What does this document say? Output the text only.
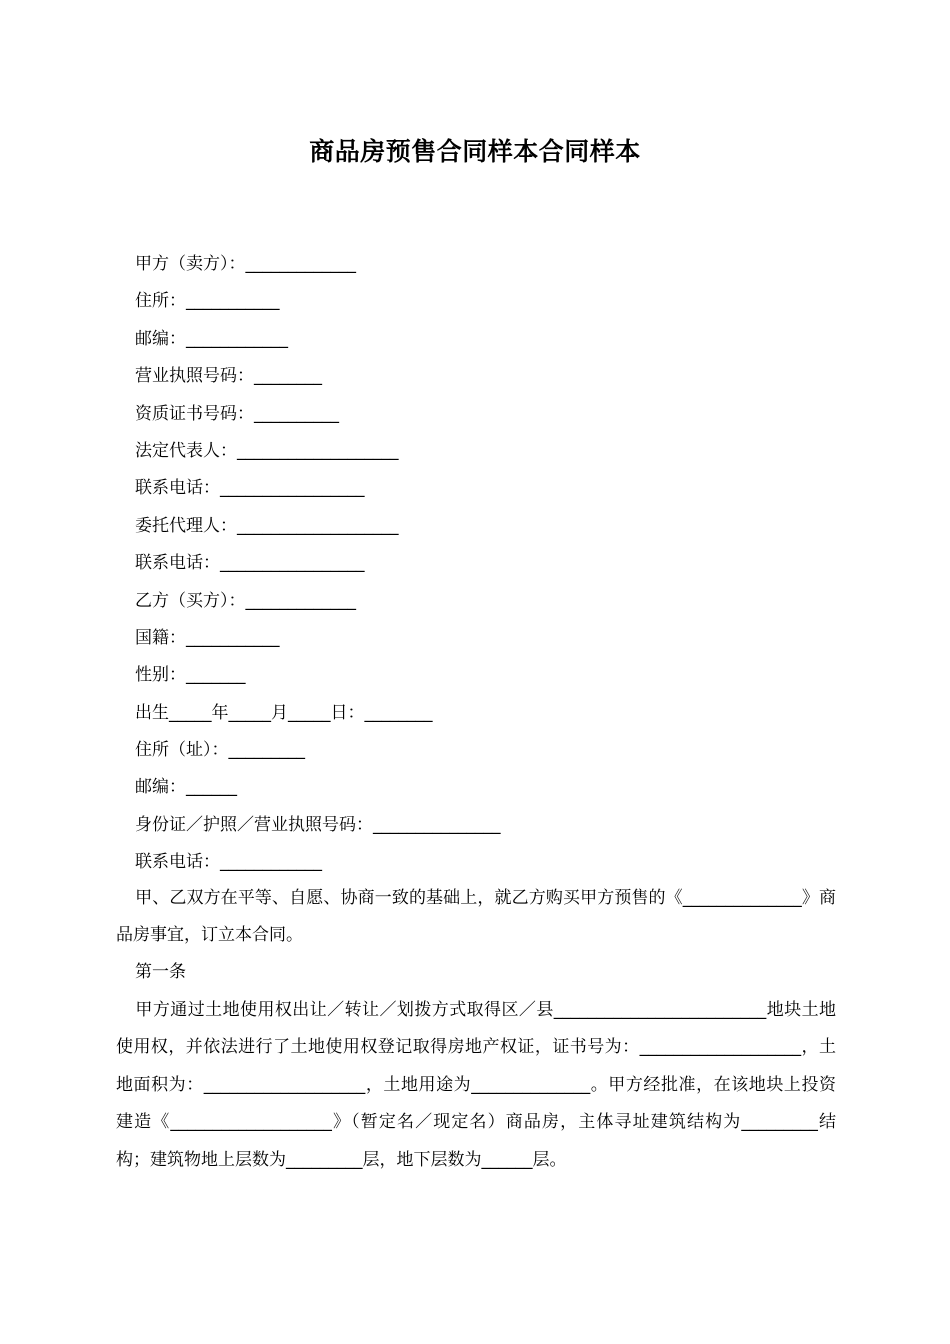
商品房预售合同样本合同样本
甲方（卖方）：_____________
住所：___________
邮编：____________
营业执照号码：________
资质证书号码：__________
法定代表人：___________________
联系电话：_________________
委托代理人：___________________
联系电话：_________________
乙方（买方）：_____________
国籍：___________
性别：_______
出生_____年_____月_____日：________
住所（址）：_________
邮编：______
身份证／护照／营业执照号码：_______________
联系电话：____________
甲、乙双方在平等、自愿、协商一致的基础上，就乙方购买甲方预售的《______________》商品房事宜，订立本合同。
第一条
甲方通过土地使用权出让／转让／划拨方式取得区／县_________________________地块土地使用权，并依法进行了土地使用权登记取得房地产权证，证书号为：___________________，土地面积为：___________________，土地用途为______________。甲方经批准，在该地块上投资建造《___________________》（暂定名／现定名）商品房，主体寻址建筑结构为_________结构；建筑物地上层数为_________层，地下层数为______层。
